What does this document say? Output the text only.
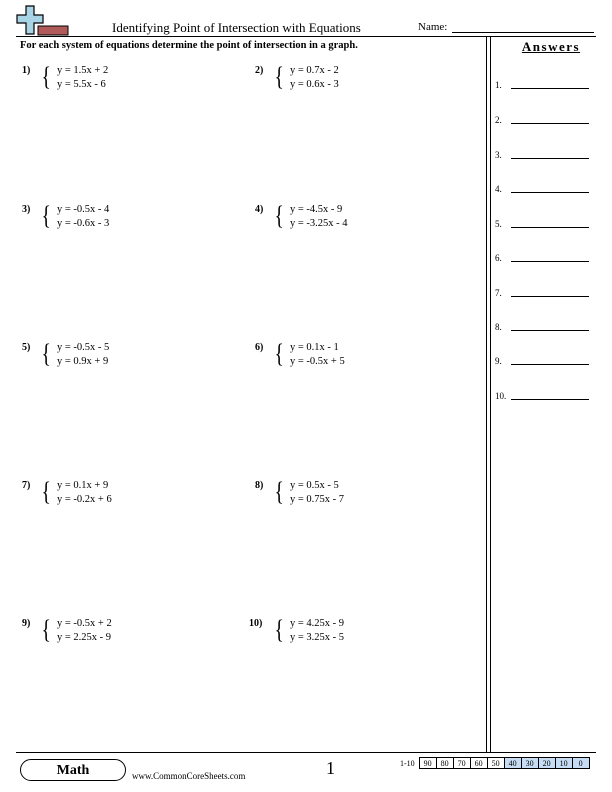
Identifying Point of Intersection with Equations	Name:
For each system of equations determine the point of intersection in a graph.
1) { y = 1.5x + 2
y = 5.5x - 6
2) { y = 0.7x - 2
y = 0.6x - 3
3) { y = -0.5x - 4
y = -0.6x - 3
4) { y = -4.5x - 9
y = -3.25x - 4
5) { y = -0.5x - 5
y = 0.9x + 9
6) { y = 0.1x - 1
y = -0.5x + 5
7) { y = 0.1x + 9
y = -0.2x + 6
8) { y = 0.5x - 5
y = 0.75x - 7
9) { y = -0.5x + 2
y = 2.25x - 9
10) { y = 4.25x - 9
y = 3.25x - 5
Answers
1.
2.
3.
4.
5.
6.
7.
8.
9.
10.
Math	www.CommonCoreSheets.com	1	1-10	90	80	70	60	50	40	30	20	10	0
